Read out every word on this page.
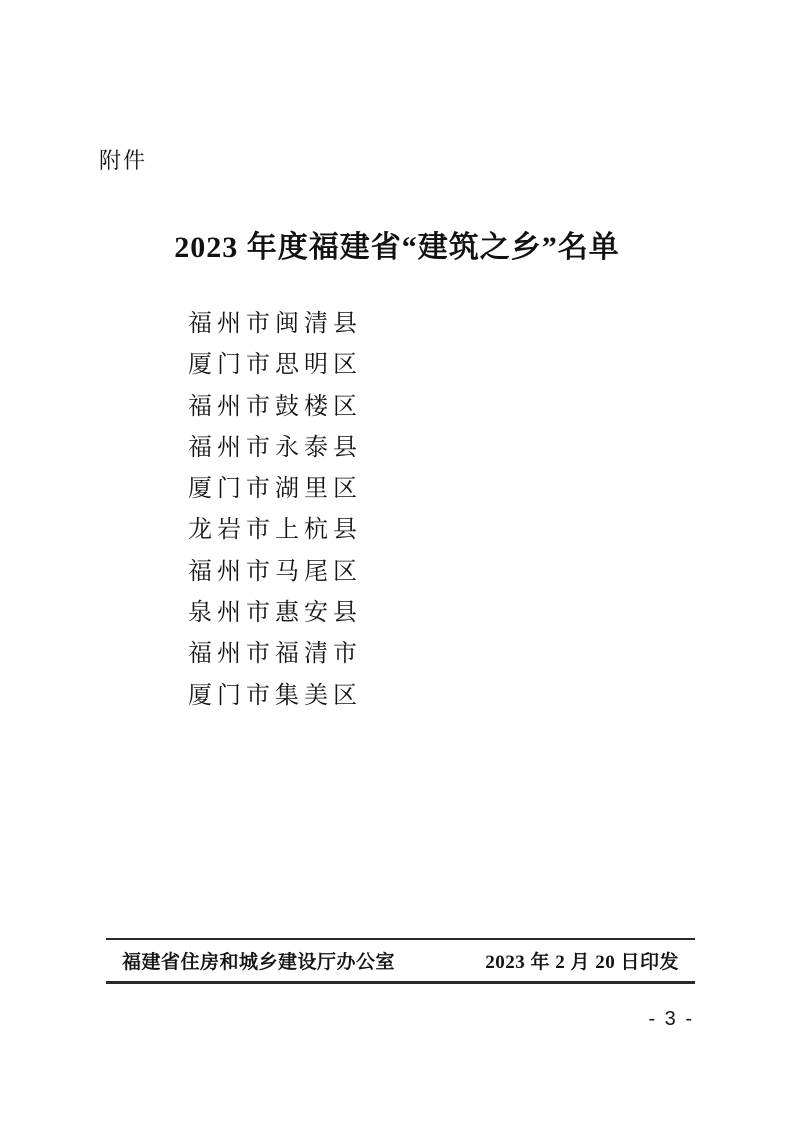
附件
2023 年度福建省“建筑之乡”名单
福州市闽清县
厦门市思明区
福州市鼓楼区
福州市永泰县
厦门市湖里区
龙岩市上杭县
福州市马尾区
泉州市惠安县
福州市福清市
厦门市集美区
福建省住房和城乡建设厅办公室	2023 年 2 月 20 日印发
- 3 -
